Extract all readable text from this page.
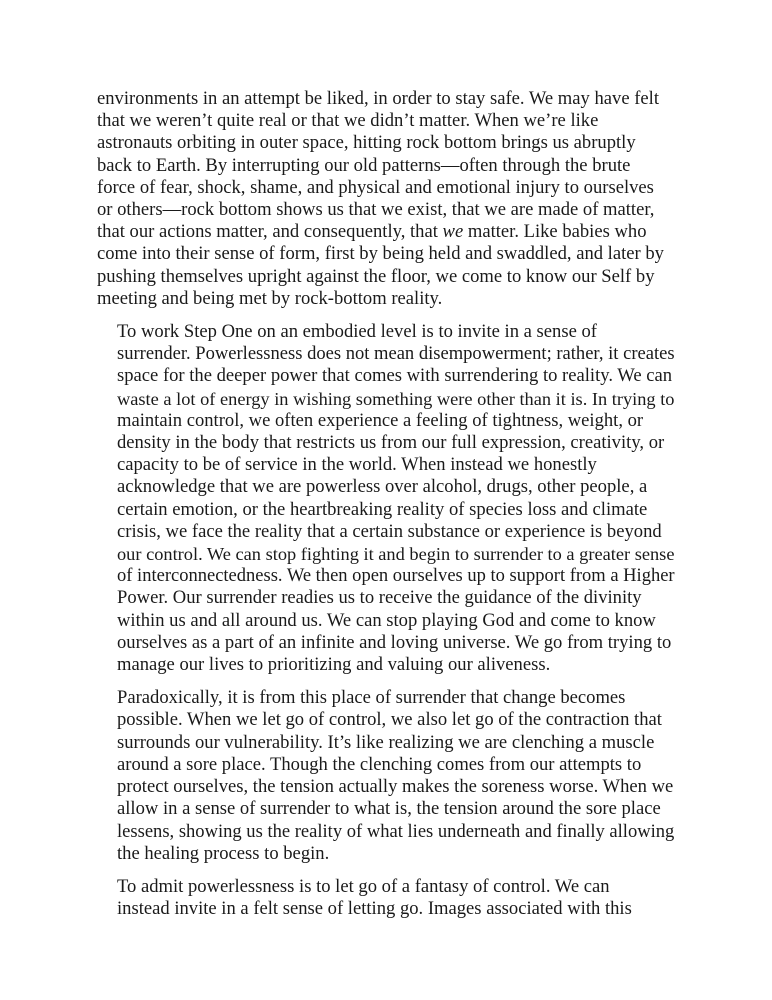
environments in an attempt be liked, in order to stay safe. We may have felt
that we weren’t quite real or that we didn’t matter. When we’re like
astronauts orbiting in outer space, hitting rock bottom brings us abruptly
back to Earth. By interrupting our old patterns—often through the brute
force of fear, shock, shame, and physical and emotional injury to ourselves
or others—rock bottom shows us that we exist, that we are made of matter,
that our actions matter, and consequently, that we matter. Like babies who
come into their sense of form, first by being held and swaddled, and later by
pushing themselves upright against the floor, we come to know our Self by
meeting and being met by rock-bottom reality.

To work Step One on an embodied level is to invite in a sense of
surrender. Powerlessness does not mean disempowerment; rather, it creates
space for the deeper power that comes with surrendering to reality. We can
waste a lot of energy in wishing something were other than it is. In trying to
maintain control, we often experience a feeling of tightness, weight, or
density in the body that restricts us from our full expression, creativity, or
capacity to be of service in the world. When instead we honestly
acknowledge that we are powerless over alcohol, drugs, other people, a
certain emotion, or the heartbreaking reality of species loss and climate
crisis, we face the reality that a certain substance or experience is beyond
our control. We can stop fighting it and begin to surrender to a greater sense
of interconnectedness. We then open ourselves up to support from a Higher
Power. Our surrender readies us to receive the guidance of the divinity
within us and all around us. We can stop playing God and come to know
ourselves as a part of an infinite and loving universe. We go from trying to
manage our lives to prioritizing and valuing our aliveness.

Paradoxically, it is from this place of surrender that change becomes
possible. When we let go of control, we also let go of the contraction that
surrounds our vulnerability. It’s like realizing we are clenching a muscle
around a sore place. Though the clenching comes from our attempts to
protect ourselves, the tension actually makes the soreness worse. When we
allow in a sense of surrender to what is, the tension around the sore place
lessens, showing us the reality of what lies underneath and finally allowing
the healing process to begin.

To admit powerlessness is to let go of a fantasy of control. We can
instead invite in a felt sense of letting go. Images associated with this
